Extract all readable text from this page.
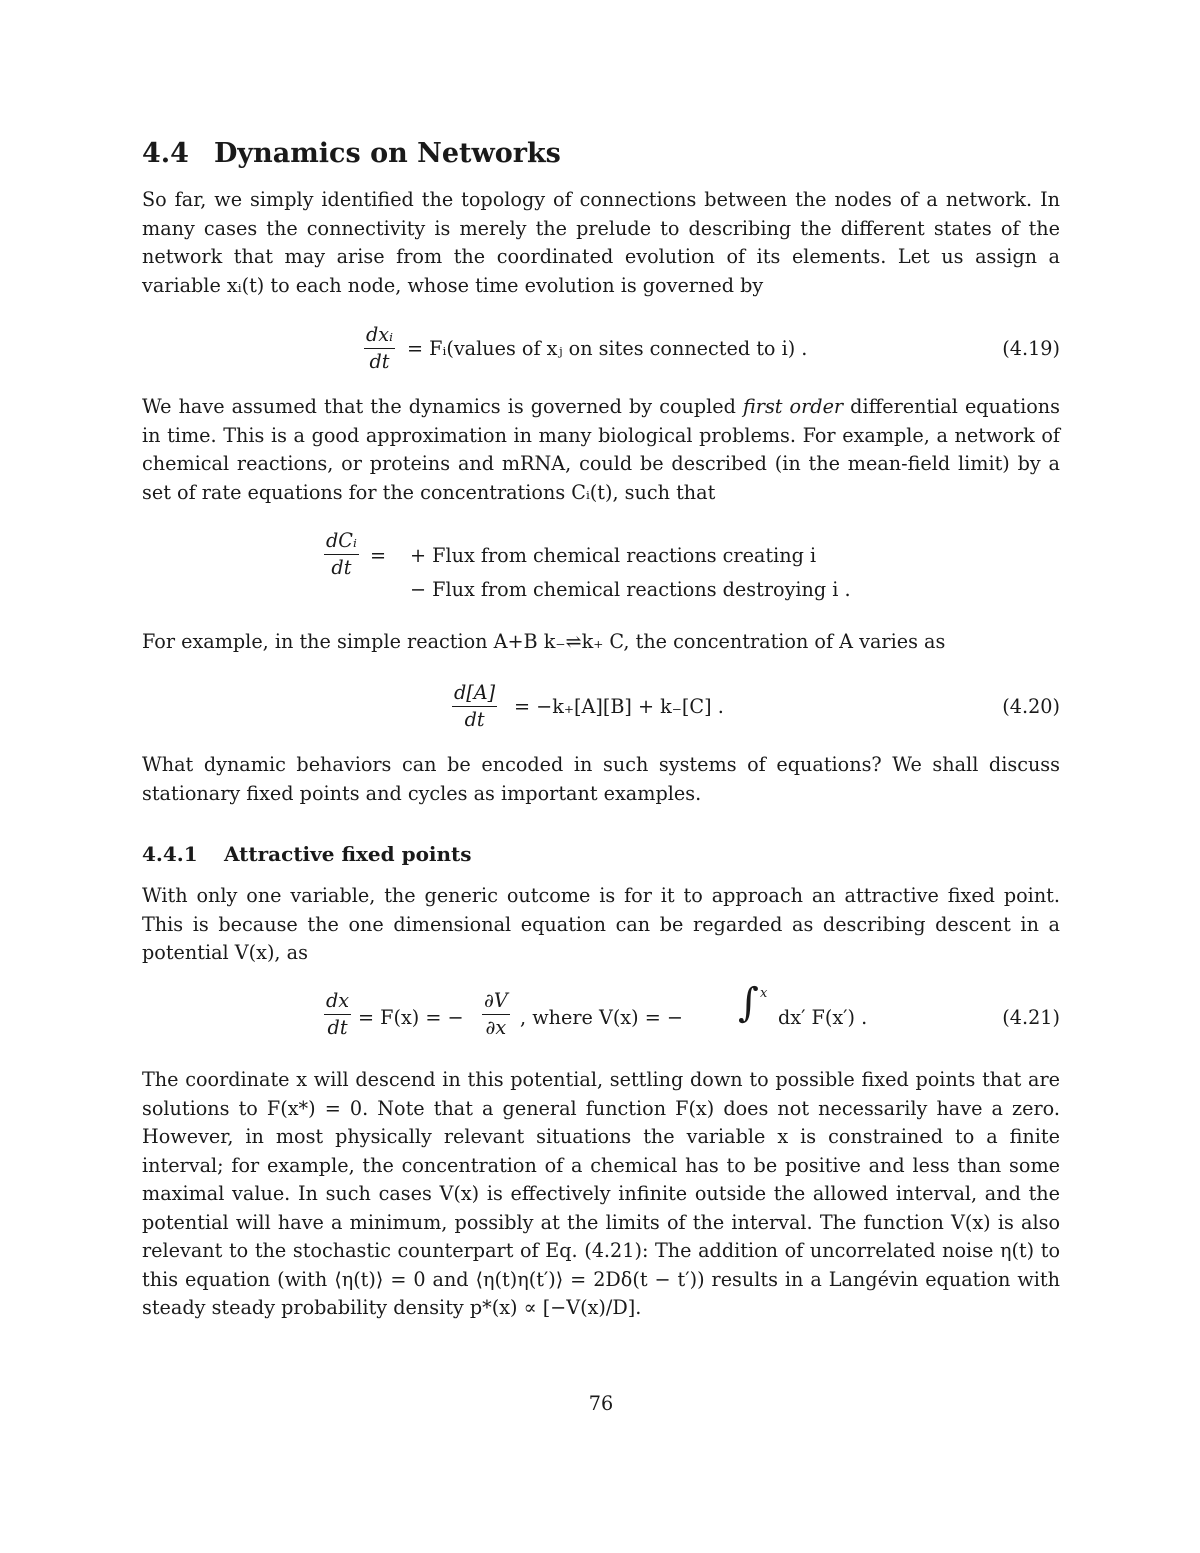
4.4 Dynamics on Networks
So far, we simply identified the topology of connections between the nodes of a network. In many cases the connectivity is merely the prelude to describing the different states of the network that may arise from the coordinated evolution of its elements. Let us assign a variable xᵢ(t) to each node, whose time evolution is governed by
dxᵢ
dt
= Fᵢ(values of xⱼ on sites connected to i) .	(4.19)
We have assumed that the dynamics is governed by coupled first order differential equations in time. This is a good approximation in many biological problems. For example, a network of chemical reactions, or proteins and mRNA, could be described (in the mean-field limit) by a set of rate equations for the concentrations Cᵢ(t), such that
dCᵢ
dt
= + Flux from chemical reactions creating i
− Flux from chemical reactions destroying i .
For example, in the simple reaction A+B k₋⇌k₊ C, the concentration of A varies as
$\frac{d[A]}{dt} = -k_+[A][B] + k_-[C]$ .	(4.20)
What dynamic behaviors can be encoded in such systems of equations? We shall discuss stationary fixed points and cycles as important examples.
4.4.1 Attractive fixed points
With only one variable, the generic outcome is for it to approach an attractive fixed point. This is because the one dimensional equation can be regarded as describing descent in a potential V(x), as
$\frac{dx}{dt} = F(x)$ = − $\frac{\partial V}{\partial x}$ , where V(x) = − ∫ x
dx′ F(x′) .	(4.21)
The coordinate x will descend in this potential, settling down to possible fixed points that are solutions to F(x*) = 0. Note that a general function F(x) does not necessarily have a zero. However, in most physically relevant situations the variable x is constrained to a finite interval; for example, the concentration of a chemical has to be positive and less than some maximal value. In such cases V(x) is effectively infinite outside the allowed interval, and the potential will have a minimum, possibly at the limits of the interval. The function V(x) is also relevant to the stochastic counterpart of Eq. (4.21): The addition of uncorrelated noise η(t) to this equation (with ⟨η(t)⟩ = 0 and ⟨η(t)η(t′)⟩ = 2Dδ(t − t′)) results in a Langévin equation with steady steady probability density p*(x) ∝ [−V(x)/D].
76
